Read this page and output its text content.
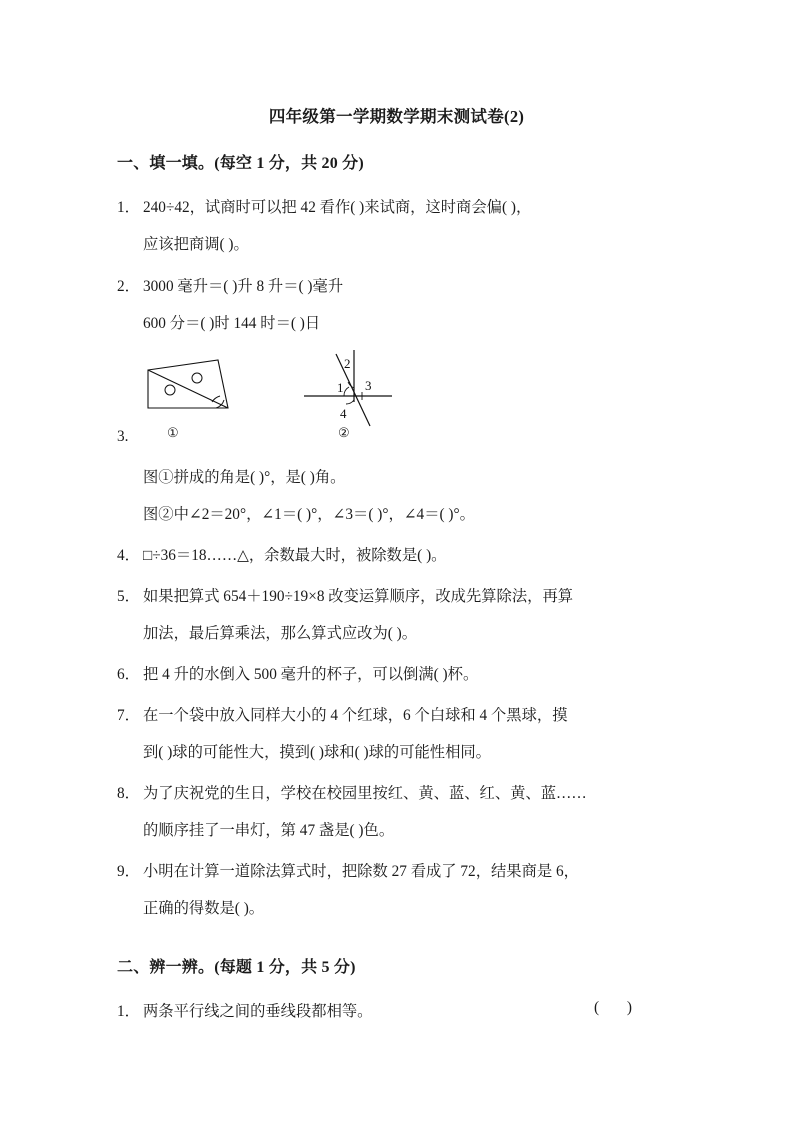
四年级第一学期数学期末测试卷(2)
一、填一填。(每空 1 分，共 20 分)
1． 240÷42，试商时可以把 42 看作( )来试商，这时商会偏( )，
应该把商调( )。
2． 3000 毫升＝( )升 8 升＝( )毫升
600 分＝( )时 144 时＝( )日
2
1 3
4
①	②
3.
图①拼成的角是( )°，是( )角。
图②中∠2＝20°，∠1＝( )°，∠3＝( )°，∠4＝( )°。
4． □÷36＝18……△，余数最大时，被除数是( )。
5． 如果把算式 654＋190÷19×8 改变运算顺序，改成先算除法，再算
加法，最后算乘法，那么算式应改为( )。
6． 把 4 升的水倒入 500 毫升的杯子，可以倒满( )杯。
7． 在一个袋中放入同样大小的 4 个红球，6 个白球和 4 个黑球，摸
到( )球的可能性大，摸到( )球和( )球的可能性相同。
8． 为了庆祝党的生日，学校在校园里按红、黄、蓝、红、黄、蓝……
的顺序挂了一串灯，第 47 盏是( )色。
9． 小明在计算一道除法算式时，把除数 27 看成了 72，结果商是 6，
正确的得数是( )。
二、辨一辨。(每题 1 分，共 5 分)
1． 两条平行线之间的垂线段都相等。	( )
